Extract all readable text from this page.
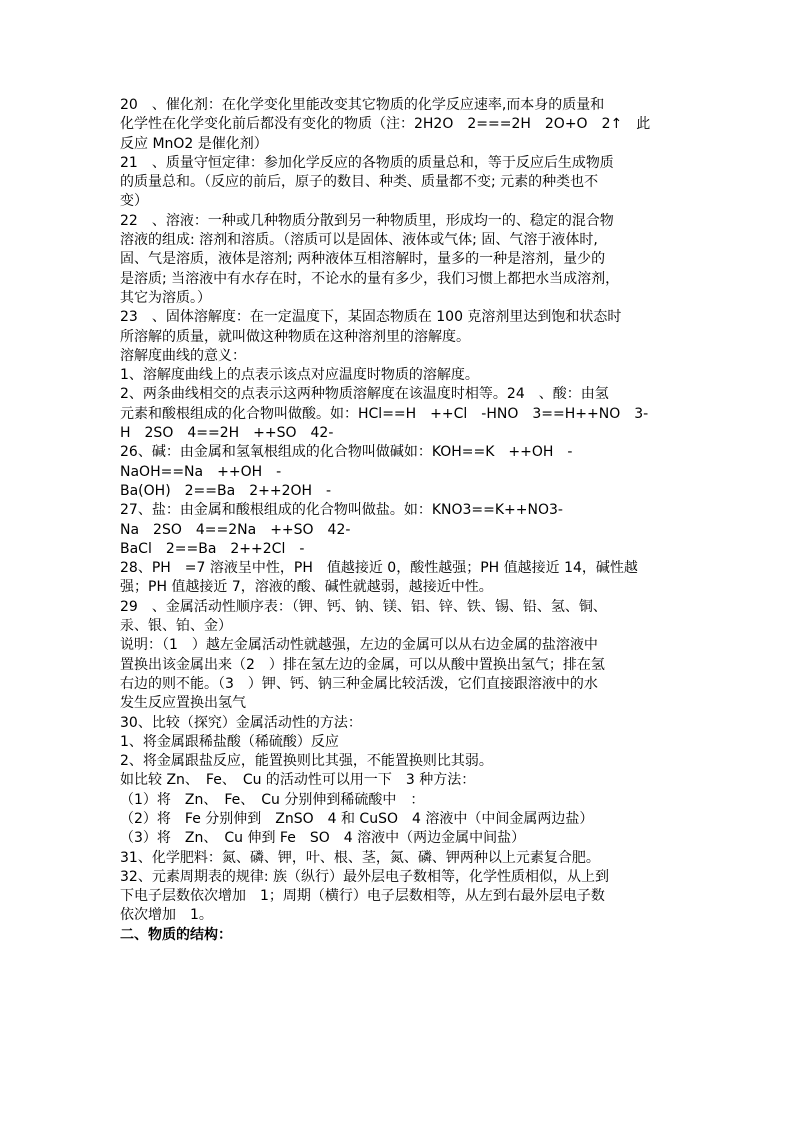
20　、催化剂：在化学变化里能改变其它物质的化学反应速率,而本身的质量和
化学性在化学变化前后都没有变化的物质（注：2H2O　2===2H　2O+O　2↑　此
反应 MnO2 是催化剂）
21　、质量守恒定律：参加化学反应的各物质的质量总和，等于反应后生成物质
的质量总和。（反应的前后，原子的数目、种类、质量都不变; 元素的种类也不
变）
22　、溶液：一种或几种物质分散到另一种物质里，形成均一的、稳定的混合物
溶液的组成: 溶剂和溶质。（溶质可以是固体、液体或气体; 固、气溶于液体时,
固、气是溶质，液体是溶剂; 两种液体互相溶解时，量多的一种是溶剂，量少的
是溶质; 当溶液中有水存在时，不论水的量有多少，我们习惯上都把水当成溶剂，
其它为溶质。）
23　、固体溶解度：在一定温度下，某固态物质在 100 克溶剂里达到饱和状态时
所溶解的质量，就叫做这种物质在这种溶剂里的溶解度。
溶解度曲线的意义：
1、溶解度曲线上的点表示该点对应温度时物质的溶解度。
2、两条曲线相交的点表示这两种物质溶解度在该温度时相等。24　、酸：由氢
元素和酸根组成的化合物叫做酸。如：HCl==H　++Cl　-HNO　3==H++NO　3-
H　2SO　4==2H　++SO　42-
26、碱：由金属和氢氧根组成的化合物叫做碱如：KOH==K　++OH　-
NaOH==Na　++OH　-
Ba(OH)　2==Ba　2++2OH　-
27、盐：由金属和酸根组成的化合物叫做盐。如：KNO3==K++NO3-
Na　2SO　4==2Na　++SO　42-
BaCl　2==Ba　2++2Cl　-
28、PH　=7 溶液呈中性，PH　值越接近 0，酸性越强；PH 值越接近 14，碱性越
强；PH 值越接近 7，溶液的酸、碱性就越弱，越接近中性。
29　、金属活动性顺序表：（钾、钙、钠、镁、铝、锌、铁、锡、铅、氢、铜、
汞、银、铂、金）
说明：（1　）越左金属活动性就越强，左边的金属可以从右边金属的盐溶液中
置换出该金属出来（2　）排在氢左边的金属，可以从酸中置换出氢气；排在氢
右边的则不能。（3　）钾、钙、钠三种金属比较活泼，它们直接跟溶液中的水
发生反应置换出氢气
30、比较（探究）金属活动性的方法：
1、将金属跟稀盐酸（稀硫酸）反应
2、将金属跟盐反应，能置换则比其强，不能置换则比其弱。
如比较 Zn、　Fe、　Cu 的活动性可以用一下　3 种方法：
（1）将　Zn、　Fe、　Cu 分别伸到稀硫酸中　：
（2）将　Fe 分别伸到　ZnSO　4 和 CuSO　4 溶液中（中间金属两边盐）
（3）将　Zn、　Cu 伸到 Fe　SO　4 溶液中（两边金属中间盐）
31、化学肥料：氮、磷、钾，叶、根、茎，氮、磷、钾两种以上元素复合肥。
32、元素周期表的规律: 族（纵行）最外层电子数相等，化学性质相似，从上到
下电子层数依次增加　1；周期（横行）电子层数相等，从左到右最外层电子数
依次增加　1。
二、物质的结构：
